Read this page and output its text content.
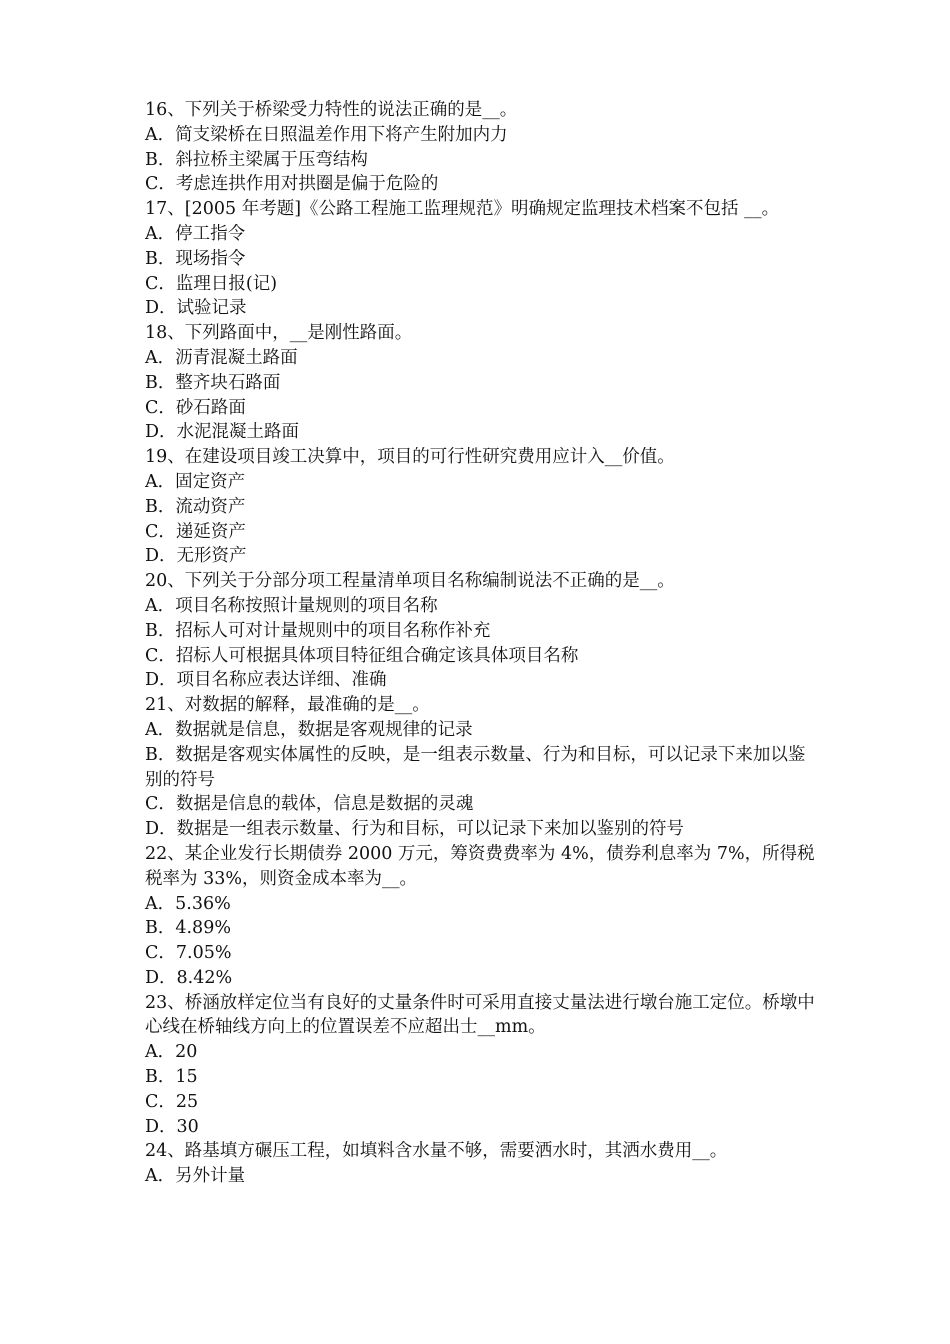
16、下列关于桥梁受力特性的说法正确的是__。

A．简支梁桥在日照温差作用下将产生附加内力

B．斜拉桥主梁属于压弯结构

C．考虑连拱作用对拱圈是偏于危险的

17、[2005 年考题]《公路工程施工监理规范》明确规定监理技术档案不包括 __。

A．停工指令

B．现场指令

C．监理日报(记)

D．试验记录

18、下列路面中，__是刚性路面。

A．沥青混凝土路面

B．整齐块石路面

C．砂石路面

D．水泥混凝土路面

19、在建设项目竣工决算中，项目的可行性研究费用应计入__价值。

A．固定资产

B．流动资产

C．递延资产

D．无形资产

20、下列关于分部分项工程量清单项目名称编制说法不正确的是__。

A．项目名称按照计量规则的项目名称

B．招标人可对计量规则中的项目名称作补充

C．招标人可根据具体项目特征组合确定该具体项目名称

D．项目名称应表达详细、准确

21、对数据的解释，最准确的是__。

A．数据就是信息，数据是客观规律的记录

B．数据是客观实体属性的反映，是一组表示数量、行为和目标，可以记录下来加以鉴别的符号

C．数据是信息的载体，信息是数据的灵魂

D．数据是一组表示数量、行为和目标，可以记录下来加以鉴别的符号

22、某企业发行长期债券 2000 万元，筹资费费率为 4%，债券利息率为 7%，所得税税率为 33%，则资金成本率为__。

A．5.36%

B．4.89%

C．7.05%

D．8.42%

23、桥涵放样定位当有良好的丈量条件时可采用直接丈量法进行墩台施工定位。桥墩中心线在桥轴线方向上的位置误差不应超出士__mm。

A．20

B．15

C．25

D．30

24、路基填方碾压工程，如填料含水量不够，需要洒水时，其洒水费用__。

A．另外计量
